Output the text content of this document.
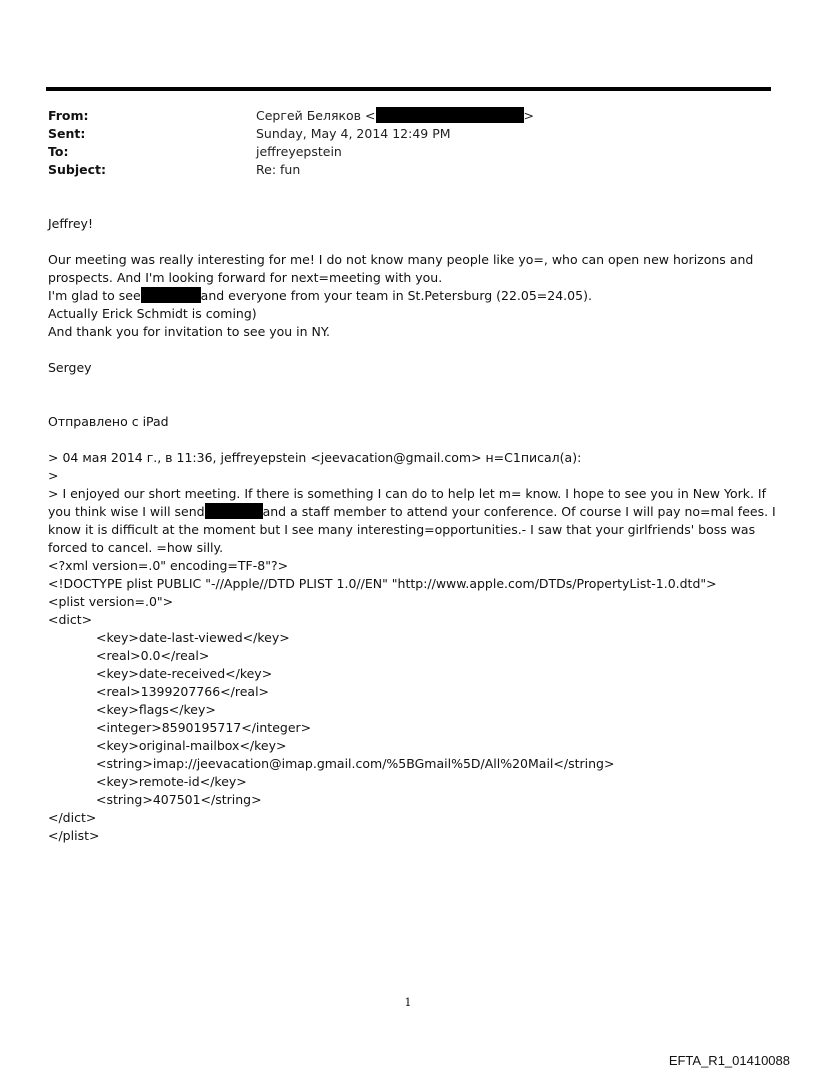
From:	Сергей Беляков <	>
Sent:	Sunday, May 4, 2014 12:49 PM
To:	jeffreyepstein
Subject:	Re: fun
Jeffrey!
Our meeting was really interesting for me! I do not know many people like yo=, who can open new horizons and
prospects. And I'm looking forward for next=meeting with you.
I'm glad to see	and everyone from your team in St.Petersburg (22.05=24.05).
Actually Erick Schmidt is coming)
And thank you for invitation to see you in NY.
Sergey
Отправлено с iPad
> 04 мая 2014 г., в 11:36, jeffreyepstein <jeevacation@gmail.com> н=С1писал(а):
>
> I enjoyed our short meeting. If there is something I can do to help let m= know. I hope to see you in New York. If
you think wise I will send	and a staff member to attend your conference. Of course I will pay no=mal fees. I
know it is difficult at the moment but I see many interesting=opportunities.- I saw that your girlfriends' boss was
forced to cancel. =how silly.
<?xml version=.0" encoding=TF-8"?>
<!DOCTYPE plist PUBLIC "-//Apple//DTD PLIST 1.0//EN" "http://www.apple.com/DTDs/PropertyList-1.0.dtd">
<plist version=.0">
<dict>
<key>date-last-viewed</key>
<real>0.0</real>
<key>date-received</key>
<real>1399207766</real>
<key>flags</key>
<integer>8590195717</integer>
<key>original-mailbox</key>
<string>imap://jeevacation@imap.gmail.com/%5BGmail%5D/All%20Mail</string>
<key>remote-id</key>
<string>407501</string>
</dict>
</plist>
1
EFTA_R1_01410088
